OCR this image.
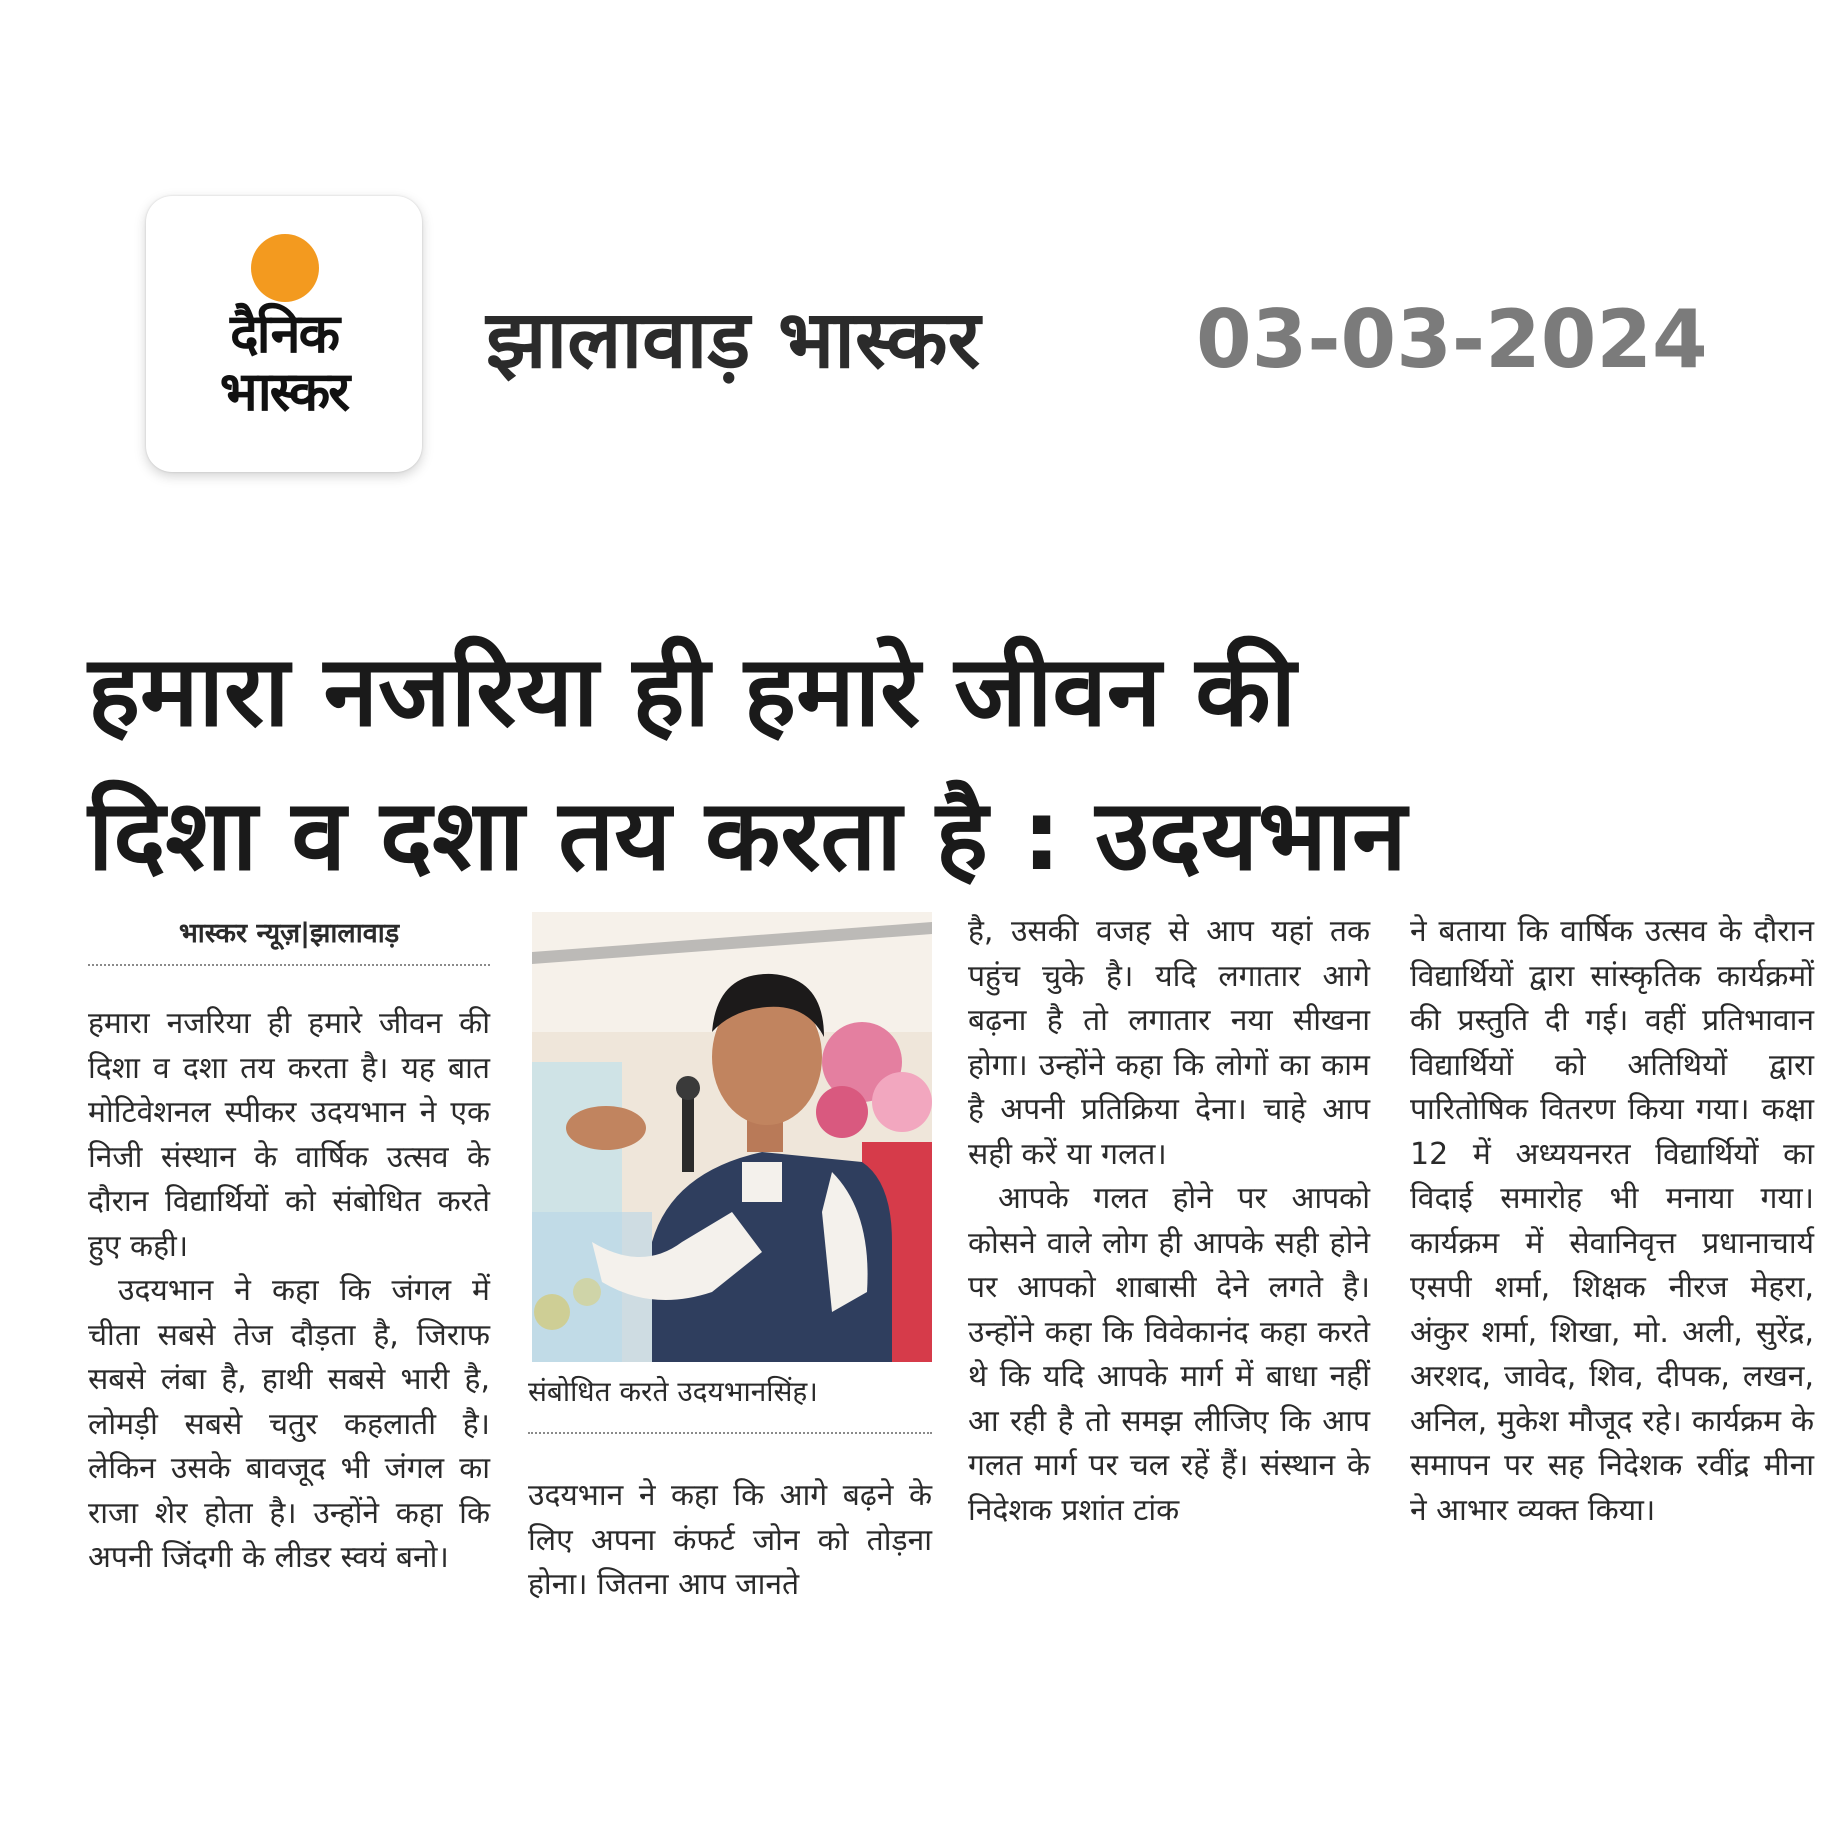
दैनिक
भास्कर
झालावाड़ भास्कर	03-03-2024
हमारा नजरिया ही हमारे जीवन की
दिशा व दशा तय करता है : उदयभान
भास्कर न्यूज़|झालावाड़

हमारा नजरिया ही हमारे जीवन की दिशा व दशा तय करता है। यह बात मोटिवेशनल स्पीकर उदयभान ने एक निजी संस्थान के वार्षिक उत्सव के दौरान विद्यार्थियों को संबोधित करते हुए कही।

उदयभान ने कहा कि जंगल में चीता सबसे तेज दौड़ता है, जिराफ सबसे लंबा है, हाथी सबसे भारी है, लोमड़ी सबसे चतुर कहलाती है। लेकिन उसके बावजूद भी जंगल का राजा शेर होता है। उन्होंने कहा कि अपनी जिंदगी के लीडर स्वयं बनो।

संबोधित करते उदयभानसिंह।

उदयभान ने कहा कि आगे बढ़ने के लिए अपना कंफर्ट जोन को तोड़ना होना। जितना आप जानते

है, उसकी वजह से आप यहां तक पहुंच चुके है। यदि लगातार आगे बढ़ना है तो लगातार नया सीखना होगा। उन्होंने कहा कि लोगों का काम है अपनी प्रतिक्रिया देना। चाहे आप सही करें या गलत।

आपके गलत होने पर आपको कोसने वाले लोग ही आपके सही होने पर आपको शाबासी देने लगते है। उन्होंने कहा कि विवेकानंद कहा करते थे कि यदि आपके मार्ग में बाधा नहीं आ रही है तो समझ लीजिए कि आप गलत मार्ग पर चल रहें हैं। संस्थान के निदेशक प्रशांत टांक

ने बताया कि वार्षिक उत्सव के दौरान विद्यार्थियों द्वारा सांस्कृतिक कार्यक्रमों की प्रस्तुति दी गई। वहीं प्रतिभावान विद्यार्थियों को अतिथियों द्वारा पारितोषिक वितरण किया गया। कक्षा 12 में अध्ययनरत विद्यार्थियों का विदाई समारोह भी मनाया गया। कार्यक्रम में सेवानिवृत्त प्रधानाचार्य एसपी शर्मा, शिक्षक नीरज मेहरा, अंकुर शर्मा, शिखा, मो. अली, सुरेंद्र, अरशद, जावेद, शिव, दीपक, लखन, अनिल, मुकेश मौजूद रहे। कार्यक्रम के समापन पर सह निदेशक रवींद्र मीना ने आभार व्यक्त किया।
